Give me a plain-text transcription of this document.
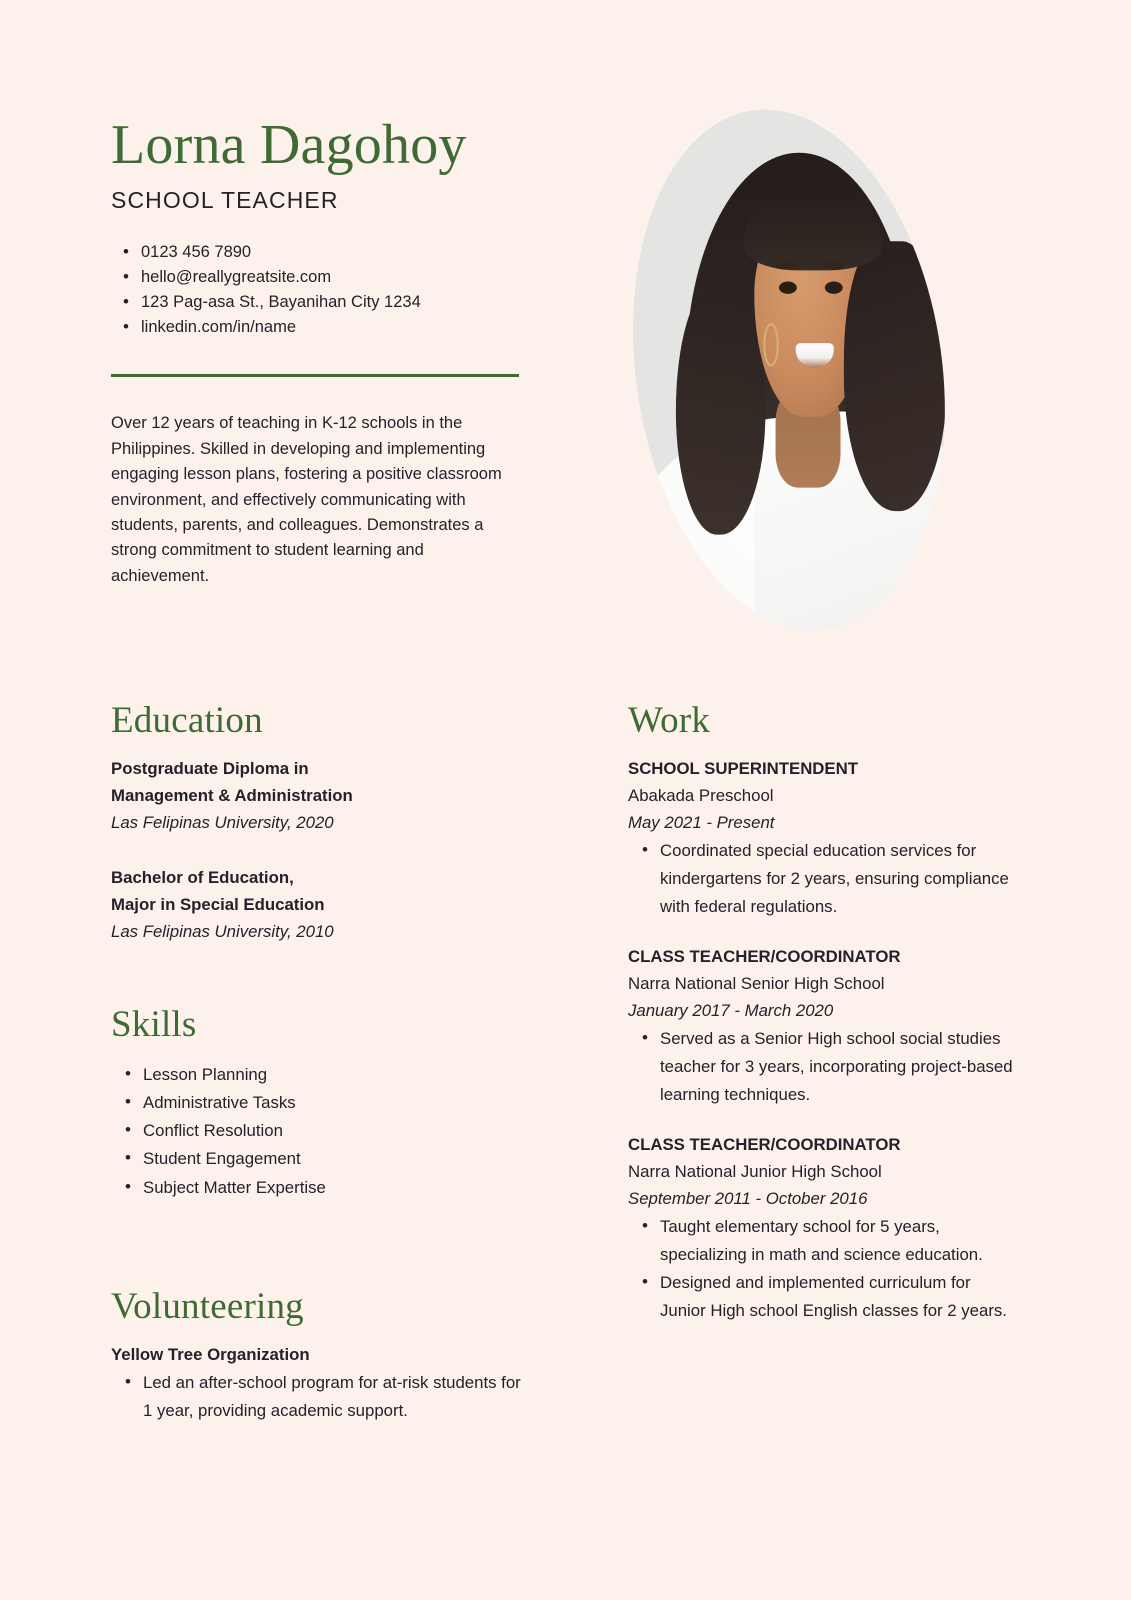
Lorna Dagohoy
SCHOOL TEACHER
• 0123 456 7890
• hello@reallygreatsite.com
• 123 Pag-asa St., Bayanihan City 1234
• linkedin.com/in/name

Over 12 years of teaching in K-12 schools in the Philippines. Skilled in developing and implementing engaging lesson plans, fostering a positive classroom environment, and effectively communicating with students, parents, and colleagues. Demonstrates a strong commitment to student learning and achievement.

Education
Postgraduate Diploma in
Management & Administration
Las Felipinas University, 2020
Bachelor of Education,
Major in Special Education
Las Felipinas University, 2010
Skills
• Lesson Planning
• Administrative Tasks
• Conflict Resolution
• Student Engagement
• Subject Matter Expertise
Volunteering
Yellow Tree Organization
• Led an after-school program for at-risk students for 1 year, providing academic support.
Work
SCHOOL SUPERINTENDENT
Abakada Preschool
May 2021 - Present
• Coordinated special education services for kindergartens for 2 years, ensuring compliance with federal regulations.
CLASS TEACHER/COORDINATOR
Narra National Senior High School
January 2017 - March 2020
• Served as a Senior High school social studies teacher for 3 years, incorporating project-based learning techniques.
CLASS TEACHER/COORDINATOR
Narra National Junior High School
September 2011 - October 2016
• Taught elementary school for 5 years, specializing in math and science education.
• Designed and implemented curriculum for Junior High school English classes for 2 years.
